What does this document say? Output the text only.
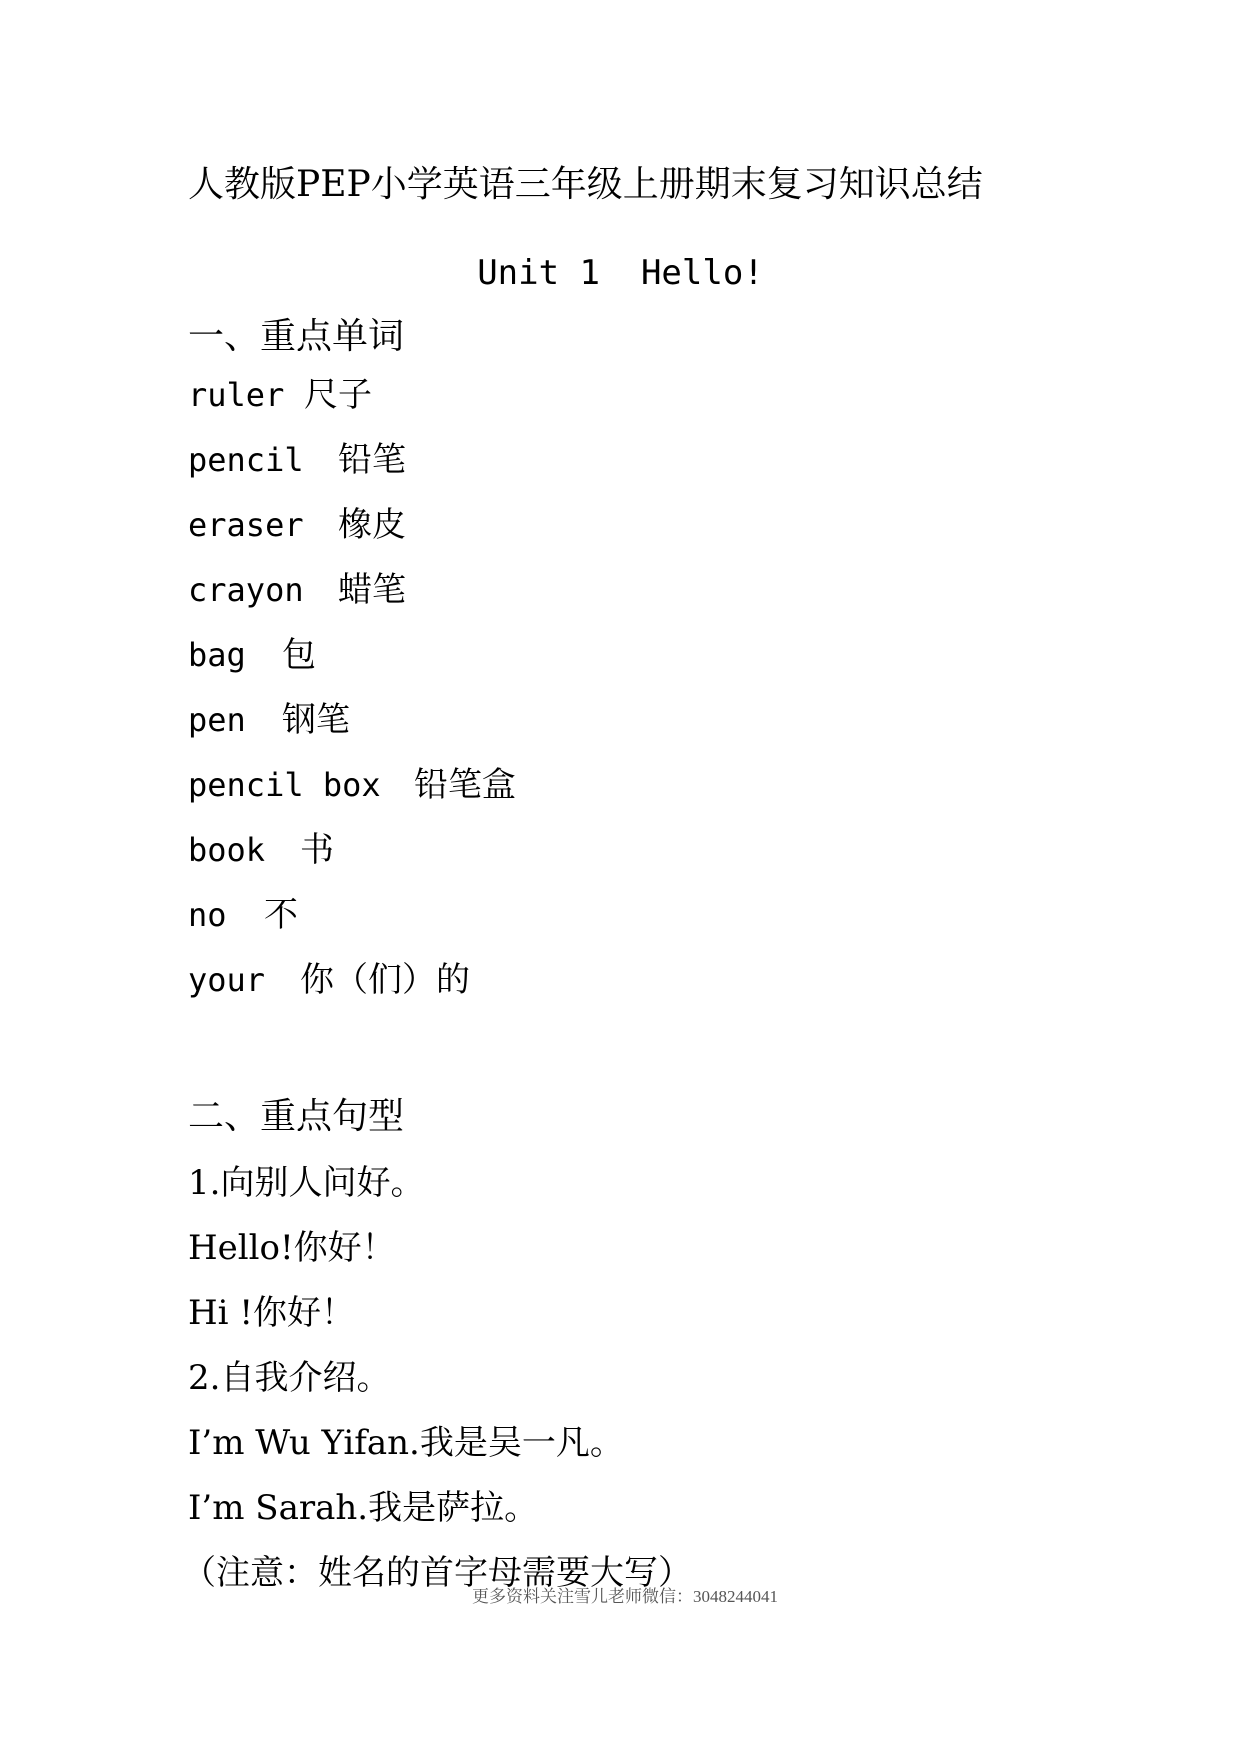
人教版PEP小学英语三年级上册期末复习知识总结
Unit 1  Hello!
一、重点单词
ruler 尺子
pencil 铅笔
eraser 橡皮
crayon 蜡笔
bag 包
pen 钢笔
pencil box 铅笔盒
book 书
no 不
your 你（们）的
二、重点句型
1.向别人问好。
Hello!你好！
Hi !你好！
2.自我介绍。
I’m Wu Yifan.我是吴一凡。
I’m Sarah.我是萨拉。
（注意：姓名的首字母需要大写）
更多资料关注雪儿老师微信：3048244041
